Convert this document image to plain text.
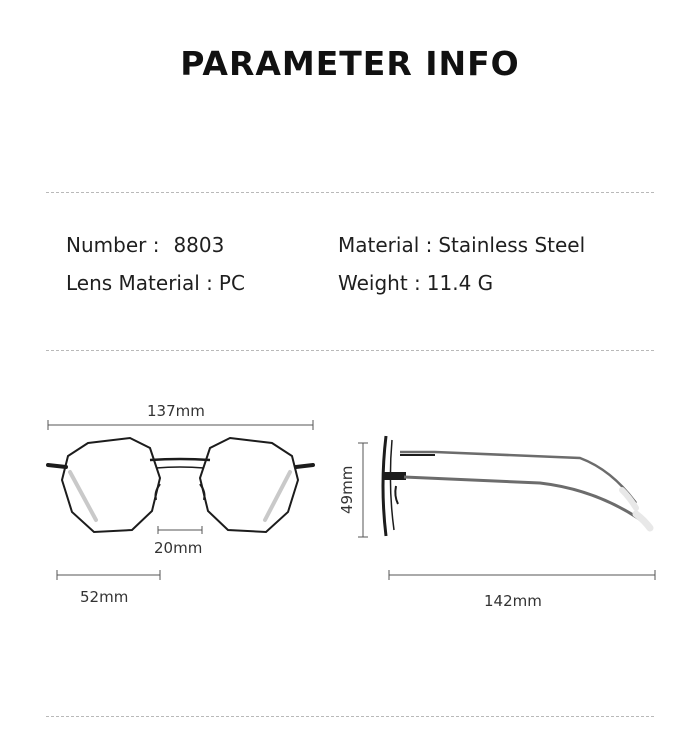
PARAMETER INFO
Number : 8803	Material : Stainless Steel
Lens Material : PC	Weight : 11.4 G
137mm
20mm
52mm
49mm
142mm
